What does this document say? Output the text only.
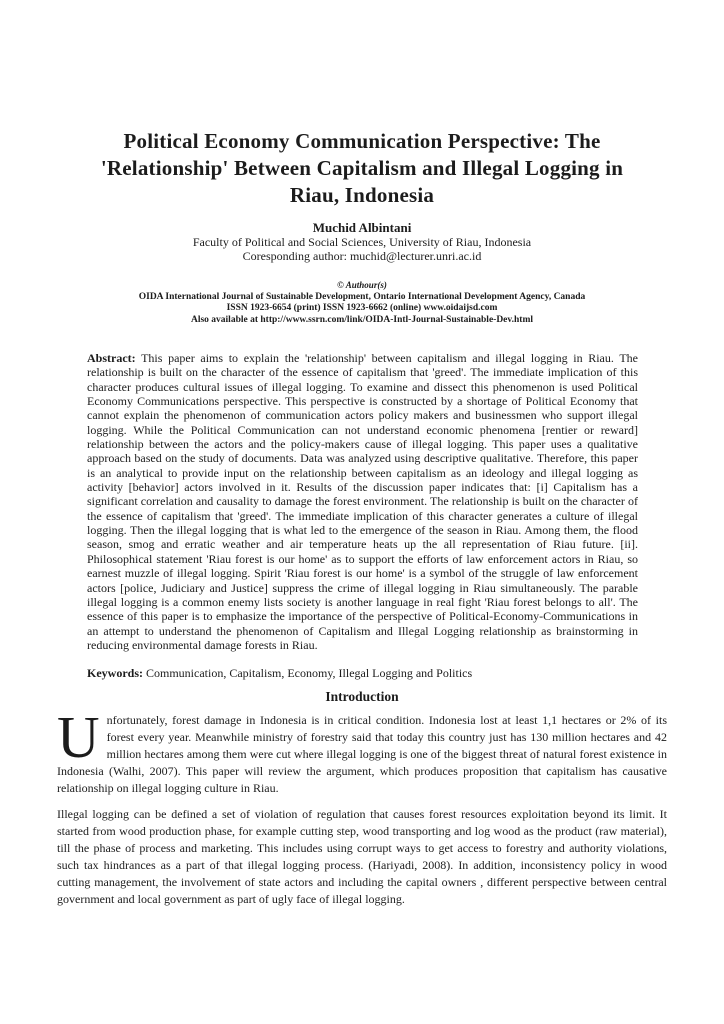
Political Economy Communication Perspective: The
'Relationship' Between Capitalism and Illegal Logging in
Riau, Indonesia
Muchid Albintani
Faculty of Political and Social Sciences, University of Riau, Indonesia
Coresponding author: muchid@lecturer.unri.ac.id
© Authour(s)
OIDA International Journal of Sustainable Development, Ontario International Development Agency, Canada
ISSN 1923-6654 (print) ISSN 1923-6662 (online) www.oidaijsd.com
Also available at http://www.ssrn.com/link/OIDA-Intl-Journal-Sustainable-Dev.html
Abstract: This paper aims to explain the 'relationship' between capitalism and illegal logging in Riau. The relationship is built on the character of the essence of capitalism that 'greed'. The immediate implication of this character produces cultural issues of illegal logging. To examine and dissect this phenomenon is used Political Economy Communications perspective. This perspective is constructed by a shortage of Political Economy that cannot explain the phenomenon of communication actors policy makers and businessmen who support illegal logging. While the Political Communication can not understand economic phenomena [rentier or reward] relationship between the actors and the policy-makers cause of illegal logging. This paper uses a qualitative approach based on the study of documents. Data was analyzed using descriptive qualitative. Therefore, this paper is an analytical to provide input on the relationship between capitalism as an ideology and illegal logging as activity [behavior] actors involved in it. Results of the discussion paper indicates that: [i] Capitalism has a significant correlation and causality to damage the forest environment. The relationship is built on the character of the essence of capitalism that 'greed'. The immediate implication of this character generates a culture of illegal logging. Then the illegal logging that is what led to the emergence of the season in Riau. Among them, the flood season, smog and erratic weather and air temperature heats up the all representation of Riau future. [ii]. Philosophical statement 'Riau forest is our home' as to support the efforts of law enforcement actors in Riau, so earnest muzzle of illegal logging. Spirit 'Riau forest is our home' is a symbol of the struggle of law enforcement actors [police, Judiciary and Justice] suppress the crime of illegal logging in Riau simultaneously. The parable illegal logging is a common enemy lists society is another language in real fight 'Riau forest belongs to all'. The essence of this paper is to emphasize the importance of the perspective of Political-Economy-Communications in an attempt to understand the phenomenon of Capitalism and Illegal Logging relationship as brainstorming in reducing environmental damage forests in Riau.
Keywords: Communication, Capitalism, Economy, Illegal Logging and Politics
Introduction
Unfortunately, forest damage in Indonesia is in critical condition. Indonesia lost at least 1,1 hectares or 2% of its forest every year. Meanwhile ministry of forestry said that today this country just has 130 million hectares and 42 million hectares among them were cut where illegal logging is one of the biggest threat of natural forest existence in Indonesia (Walhi, 2007). This paper will review the argument, which produces proposition that capitalism has causative relationship on illegal logging culture in Riau.
Illegal logging can be defined a set of violation of regulation that causes forest resources exploitation beyond its limit. It started from wood production phase, for example cutting step, wood transporting and log wood as the product (raw material), till the phase of process and marketing. This includes using corrupt ways to get access to forestry and authority violations, such tax hindrances as a part of that illegal logging process. (Hariyadi, 2008). In addition, inconsistency policy in wood cutting management, the involvement of state actors and including the capital owners , different perspective between central government and local government as part of ugly face of illegal logging.
